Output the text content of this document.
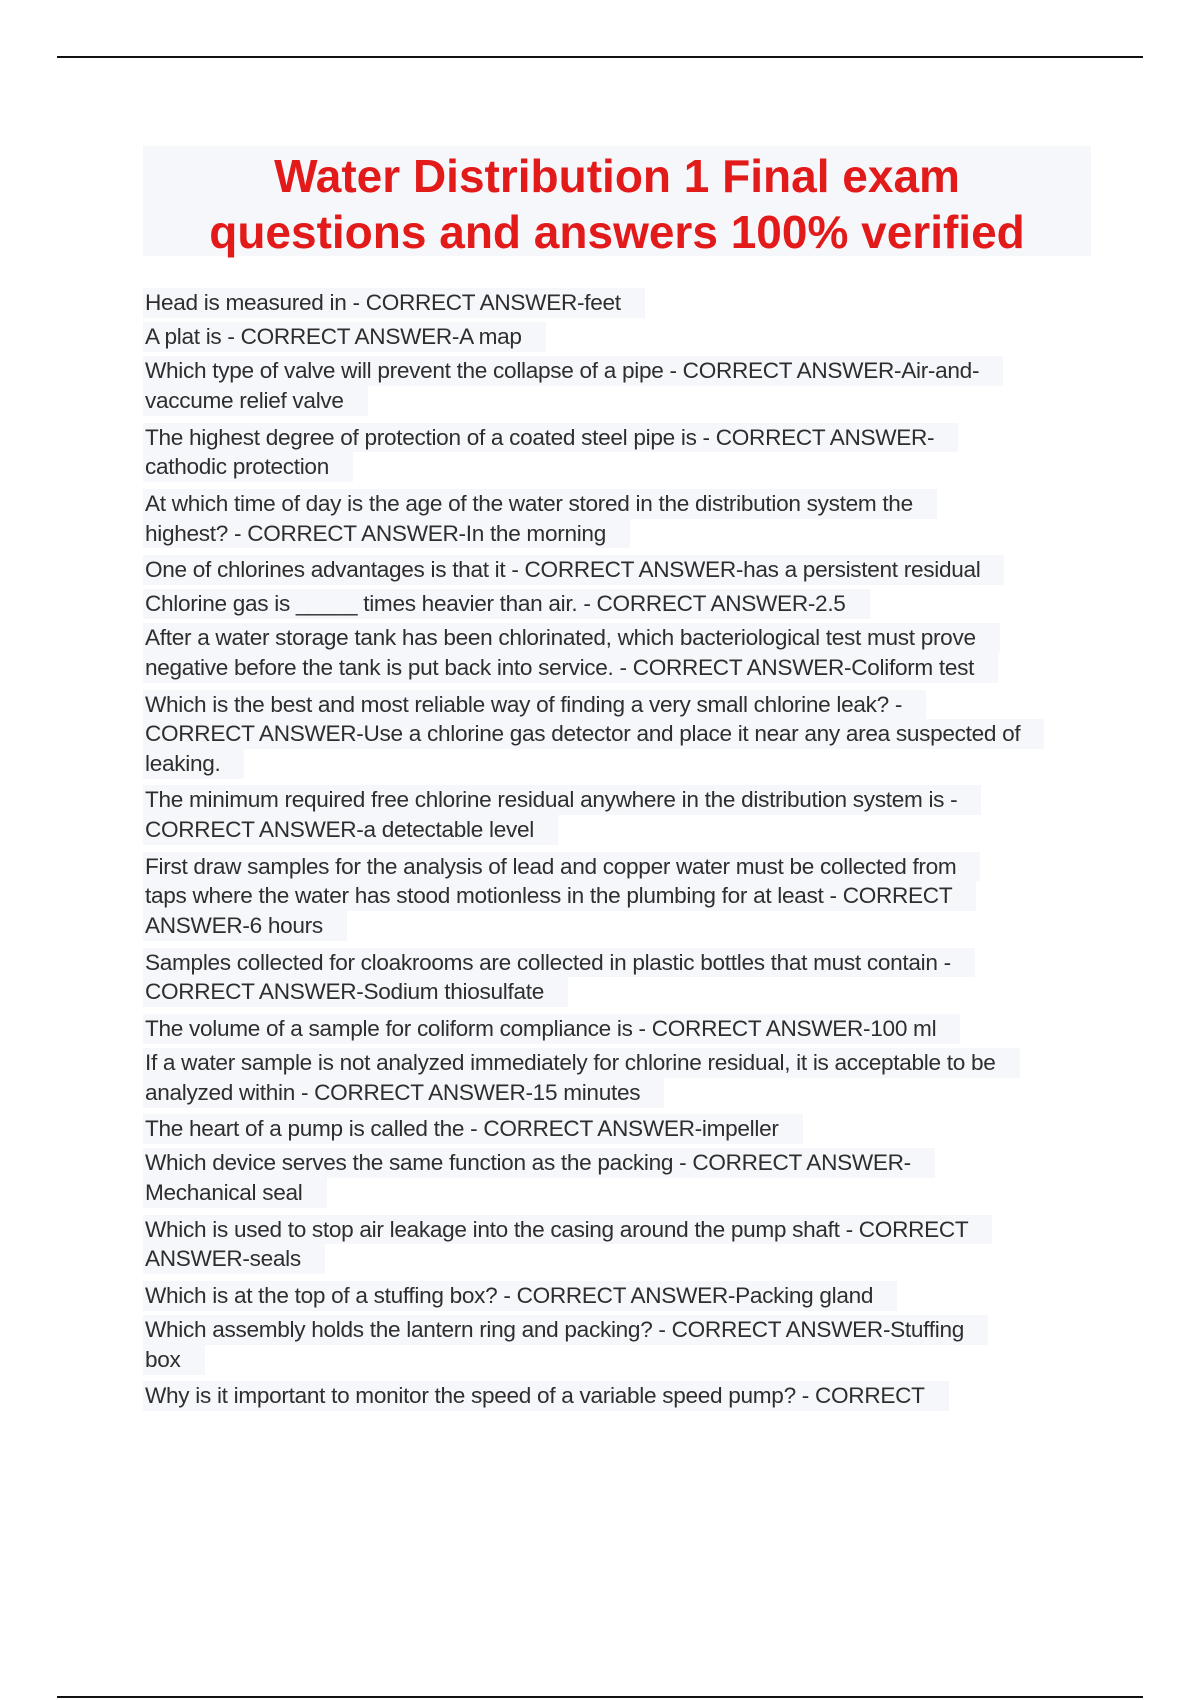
Water Distribution 1 Final exam
questions and answers 100% verified
Head is measured in - CORRECT ANSWER-feet
A plat is - CORRECT ANSWER-A map
Which type of valve will prevent the collapse of a pipe - CORRECT ANSWER-Air-and-
vaccume relief valve
The highest degree of protection of a coated steel pipe is - CORRECT ANSWER-
cathodic protection
At which time of day is the age of the water stored in the distribution system the
highest? - CORRECT ANSWER-In the morning
One of chlorines advantages is that it - CORRECT ANSWER-has a persistent residual
Chlorine gas is _____ times heavier than air. - CORRECT ANSWER-2.5
After a water storage tank has been chlorinated, which bacteriological test must prove
negative before the tank is put back into service. - CORRECT ANSWER-Coliform test
Which is the best and most reliable way of finding a very small chlorine leak? -
CORRECT ANSWER-Use a chlorine gas detector and place it near any area suspected of
leaking.
The minimum required free chlorine residual anywhere in the distribution system is -
CORRECT ANSWER-a detectable level
First draw samples for the analysis of lead and copper water must be collected from
taps where the water has stood motionless in the plumbing for at least - CORRECT
ANSWER-6 hours
Samples collected for cloakrooms are collected in plastic bottles that must contain -
CORRECT ANSWER-Sodium thiosulfate
The volume of a sample for coliform compliance is - CORRECT ANSWER-100 ml
If a water sample is not analyzed immediately for chlorine residual, it is acceptable to be
analyzed within - CORRECT ANSWER-15 minutes
The heart of a pump is called the - CORRECT ANSWER-impeller
Which device serves the same function as the packing - CORRECT ANSWER-
Mechanical seal
Which is used to stop air leakage into the casing around the pump shaft - CORRECT
ANSWER-seals
Which is at the top of a stuffing box? - CORRECT ANSWER-Packing gland
Which assembly holds the lantern ring and packing? - CORRECT ANSWER-Stuffing
box
Why is it important to monitor the speed of a variable speed pump? - CORRECT
